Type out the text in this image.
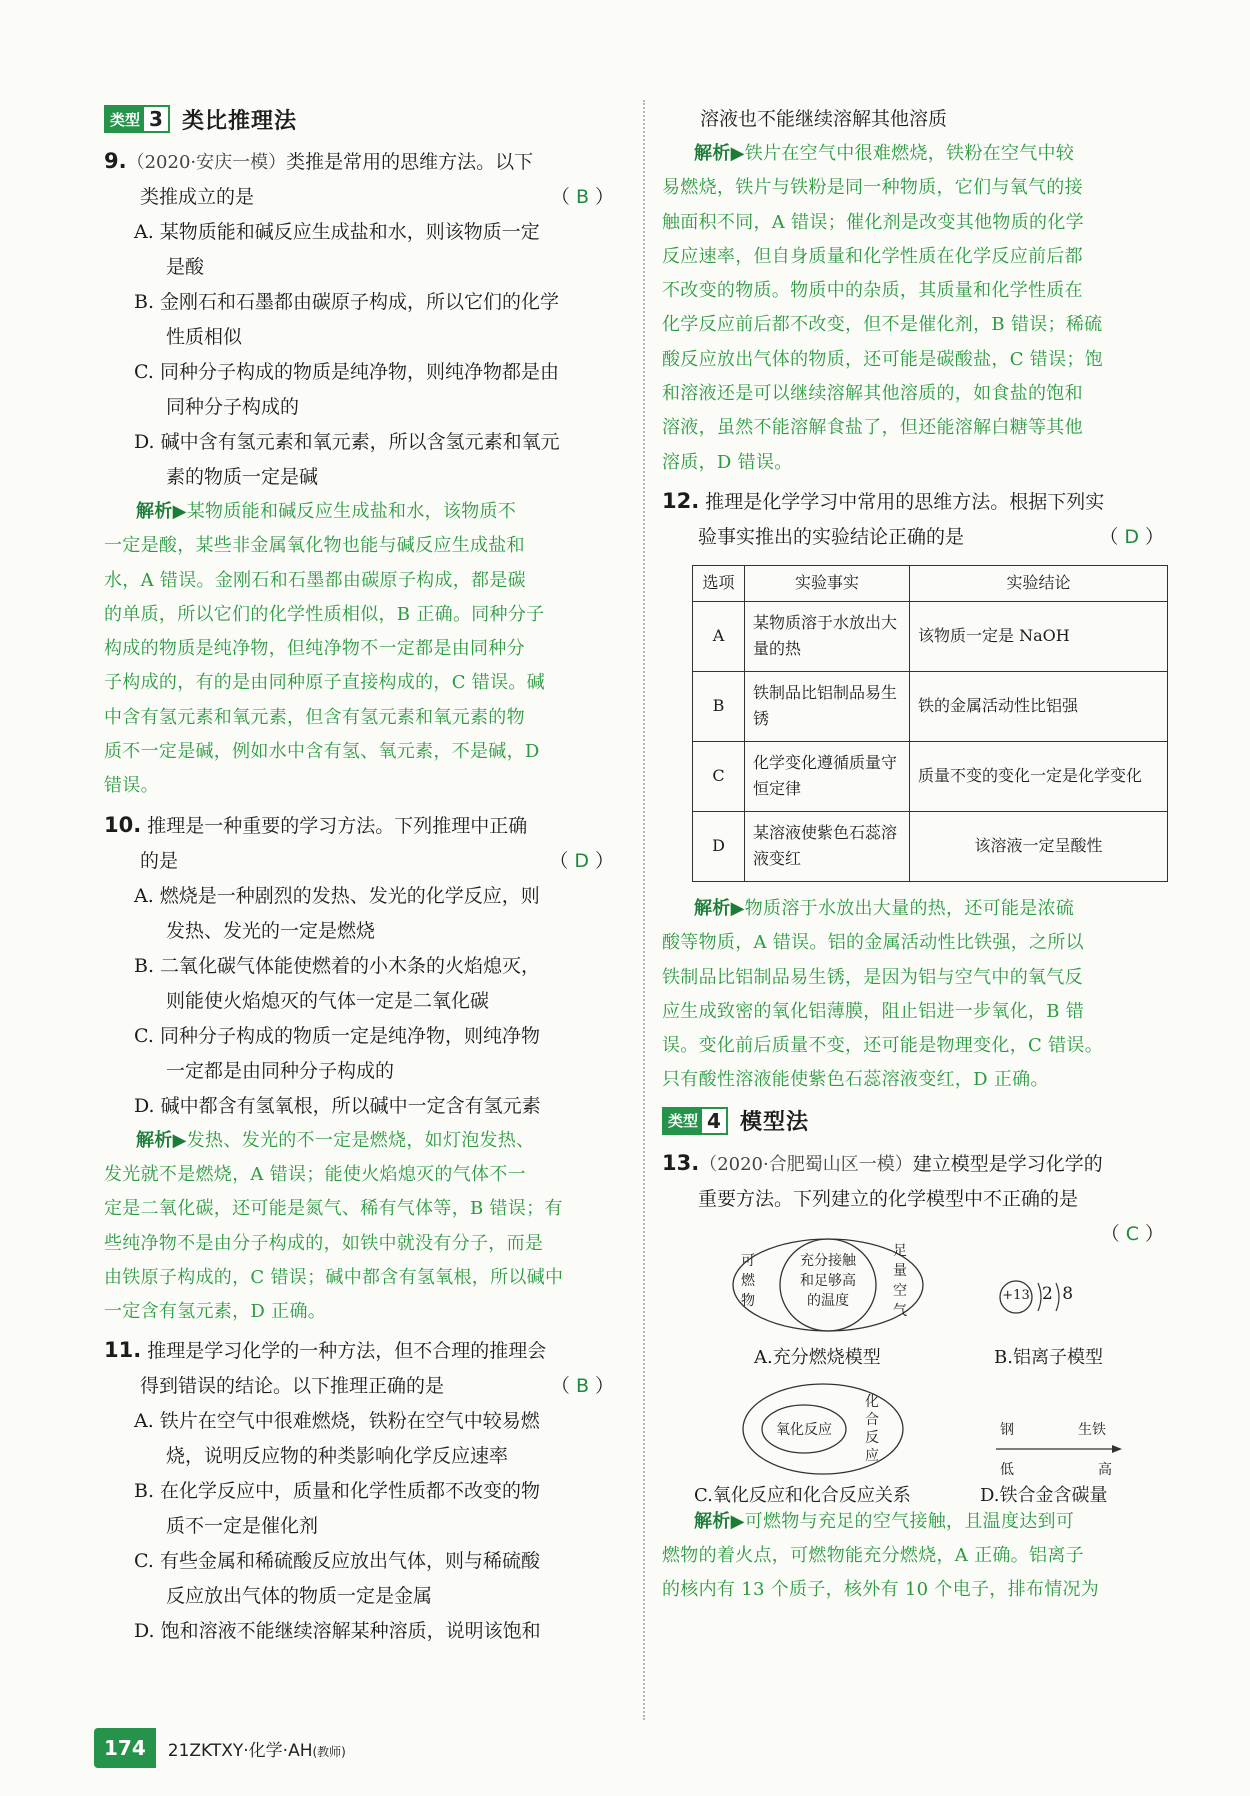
类型 3 类比推理法
9.（2020·安庆一模）类推是常用的思维方法。以下
类推成立的是	（ B ）
A. 某物质能和碱反应生成盐和水，则该物质一定
是酸
B. 金刚石和石墨都由碳原子构成，所以它们的化学
性质相似
C. 同种分子构成的物质是纯净物，则纯净物都是由
同种分子构成的
D. 碱中含有氢元素和氧元素，所以含氢元素和氧元
素的物质一定是碱
解析▶某物质能和碱反应生成盐和水，该物质不
一定是酸，某些非金属氧化物也能与碱反应生成盐和
水，A 错误。金刚石和石墨都由碳原子构成，都是碳
的单质，所以它们的化学性质相似，B 正确。同种分子
构成的物质是纯净物，但纯净物不一定都是由同种分
子构成的，有的是由同种原子直接构成的，C 错误。碱
中含有氢元素和氧元素，但含有氢元素和氧元素的物
质不一定是碱，例如水中含有氢、氧元素，不是碱，D
错误。
10. 推理是一种重要的学习方法。下列推理中正确
的是	（ D ）
A. 燃烧是一种剧烈的发热、发光的化学反应，则
发热、发光的一定是燃烧
B. 二氧化碳气体能使燃着的小木条的火焰熄灭，
则能使火焰熄灭的气体一定是二氧化碳
C. 同种分子构成的物质一定是纯净物，则纯净物
一定都是由同种分子构成的
D. 碱中都含有氢氧根，所以碱中一定含有氢元素
解析▶发热、发光的不一定是燃烧，如灯泡发热、
发光就不是燃烧，A 错误；能使火焰熄灭的气体不一
定是二氧化碳，还可能是氮气、稀有气体等，B 错误；有
些纯净物不是由分子构成的，如铁中就没有分子，而是
由铁原子构成的，C 错误；碱中都含有氢氧根，所以碱中
一定含有氢元素，D 正确。
11. 推理是学习化学的一种方法，但不合理的推理会
得到错误的结论。以下推理正确的是	（ B ）
A. 铁片在空气中很难燃烧，铁粉在空气中较易燃
烧，说明反应物的种类影响化学反应速率
B. 在化学反应中，质量和化学性质都不改变的物
质不一定是催化剂
C. 有些金属和稀硫酸反应放出气体，则与稀硫酸
反应放出气体的物质一定是金属
D. 饱和溶液不能继续溶解某种溶质，说明该饱和
溶液也不能继续溶解其他溶质
解析▶铁片在空气中很难燃烧，铁粉在空气中较
易燃烧，铁片与铁粉是同一种物质，它们与氧气的接
触面积不同，A 错误；催化剂是改变其他物质的化学
反应速率，但自身质量和化学性质在化学反应前后都
不改变的物质。物质中的杂质，其质量和化学性质在
化学反应前后都不改变，但不是催化剂，B 错误；稀硫
酸反应放出气体的物质，还可能是碳酸盐，C 错误；饱
和溶液还是可以继续溶解其他溶质的，如食盐的饱和
溶液，虽然不能溶解食盐了，但还能溶解白糖等其他
溶质，D 错误。
12. 推理是化学学习中常用的思维方法。根据下列实
验事实推出的实验结论正确的是	（ D ）
选项	实验事实	实验结论
A	某物质溶于水放出大量的热	该物质一定是 NaOH
B	铁制品比铝制品易生锈	铁的金属活动性比铝强
C	化学变化遵循质量守恒定律	质量不变的变化一定是化学变化
D	某溶液使紫色石蕊溶液变红	该溶液一定呈酸性
解析▶物质溶于水放出大量的热，还可能是浓硫
酸等物质，A 错误。铝的金属活动性比铁强，之所以
铁制品比铝制品易生锈，是因为铝与空气中的氧气反
应生成致密的氧化铝薄膜，阻止铝进一步氧化，B 错
误。变化前后质量不变，还可能是物理变化，C 错误。
只有酸性溶液能使紫色石蕊溶液变红，D 正确。
类型 4 模型法
13.（2020·合肥蜀山区一模）建立模型是学习化学的
重要方法。下列建立的化学模型中不正确的是
（ C ）
可
燃
物
充分接触
和足够高
的温度
足
量
空
气
A.充分燃烧模型
+13 2 8
B.铝离子模型
氧化反应
化
合
反
应
C.氧化反应和化合反应关系
钢	生铁
低	高
D.铁合金含碳量
解析▶可燃物与充足的空气接触，且温度达到可
燃物的着火点，可燃物能充分燃烧，A 正确。铝离子
的核内有 13 个质子，核外有 10 个电子，排布情况为
174	21ZKTXY·化学·AH(教师)
